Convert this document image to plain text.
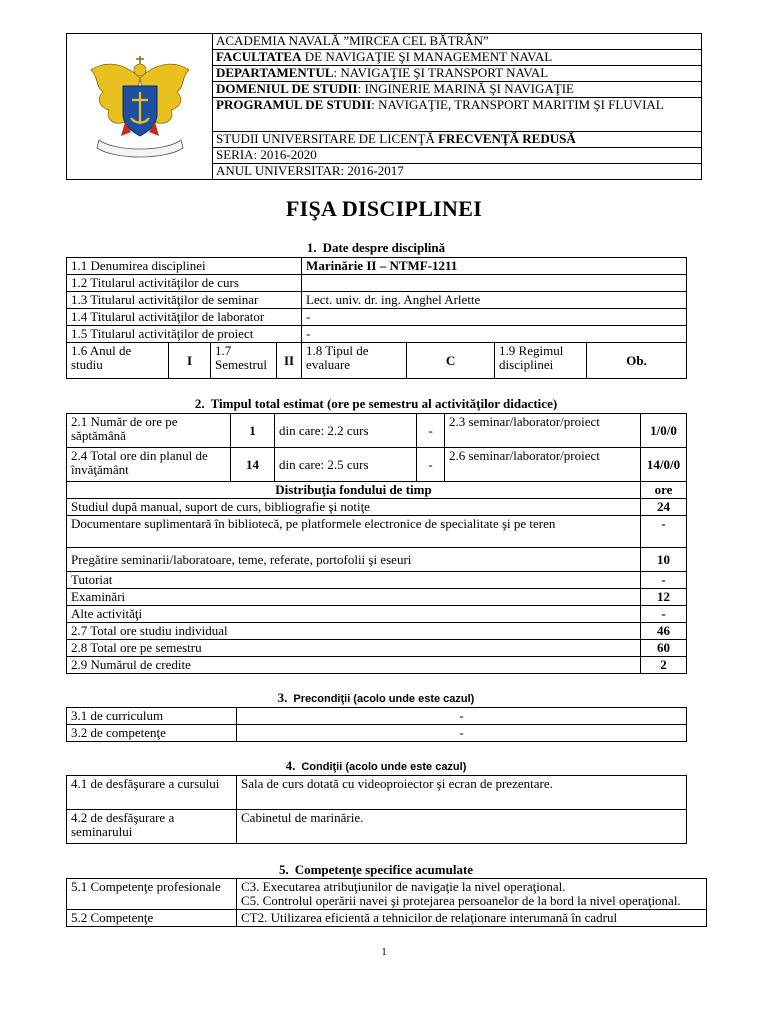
	ACADEMIA NAVALĂ ”MIRCEA CEL BĂTRÂN”
FACULTATEA DE NAVIGAŢIE ŞI MANAGEMENT NAVAL
DEPARTAMENTUL: NAVIGAŢIE ŞI TRANSPORT NAVAL
DOMENIUL DE STUDII: INGINERIE MARINĂ ŞI NAVIGAŢIE
PROGRAMUL DE STUDII: NAVIGAŢIE, TRANSPORT MARITIM ŞI FLUVIAL
STUDII UNIVERSITARE DE LICENŢĂ FRECVENŢĂ REDUSĂ
SERIA: 2016-2020
ANUL UNIVERSITAR: 2016-2017
FIŞA DISCIPLINEI
1. Date despre disciplină
1.1 Denumirea disciplinei				Marinărie II – NTMF-1211			
1.2 Titularul activităţilor de curs							
1.3 Titularul activităţilor de seminar				Lect. univ. dr. ing. Anghel Arlette			
1.4 Titularul activităţilor de laborator				-			
1.5 Titularul activităţilor de proiect				-			
1.6 Anul de studiu	I	1.7 Semestrul	II	1.8 Tipul de evaluare	C	1.9 Regimul disciplinei	Ob.
2. Timpul total estimat (ore pe semestru al activităţilor didactice)
2.1 Număr de ore pe săptămână	1	din care: 2.2 curs	-	2.3 seminar/laborator/proiect	1/0/0
2.4 Total ore din planul de învăţământ	14	din care: 2.5 curs	-	2.6 seminar/laborator/proiect	14/0/0
Distribuţia fondului de timp					ore
Studiul după manual, suport de curs, bibliografie şi notiţe					24
Documentare suplimentară în bibliotecă, pe platformele electronice de specialitate şi pe teren					-
Pregătire seminarii/laboratoare, teme, referate, portofolii şi eseuri					10
Tutoriat					-
Examinări					12
Alte activităţi					-
2.7 Total ore studiu individual					46
2.8 Total ore pe semestru					60
2.9 Numărul de credite					2
3. Precondiţii (acolo unde este cazul)
3.1 de curriculum	-
3.2 de competenţe	-
4. Condiţii (acolo unde este cazul)
4.1 de desfăşurare a cursului	Sala de curs dotată cu videoproiector şi ecran de prezentare.
4.2 de desfăşurare a seminarului	Cabinetul de marinărie.
5. Competenţe specifice acumulate
5.1 Competenţe profesionale	C3. Executarea atribuţiunilor de navigaţie la nivel operaţional.
C5. Controlul operării navei şi protejarea persoanelor de la bord la nivel operaţional.

5.2 Competenţe	CT2. Utilizarea eficientă a tehnicilor de relaţionare interumană în cadrul
1
